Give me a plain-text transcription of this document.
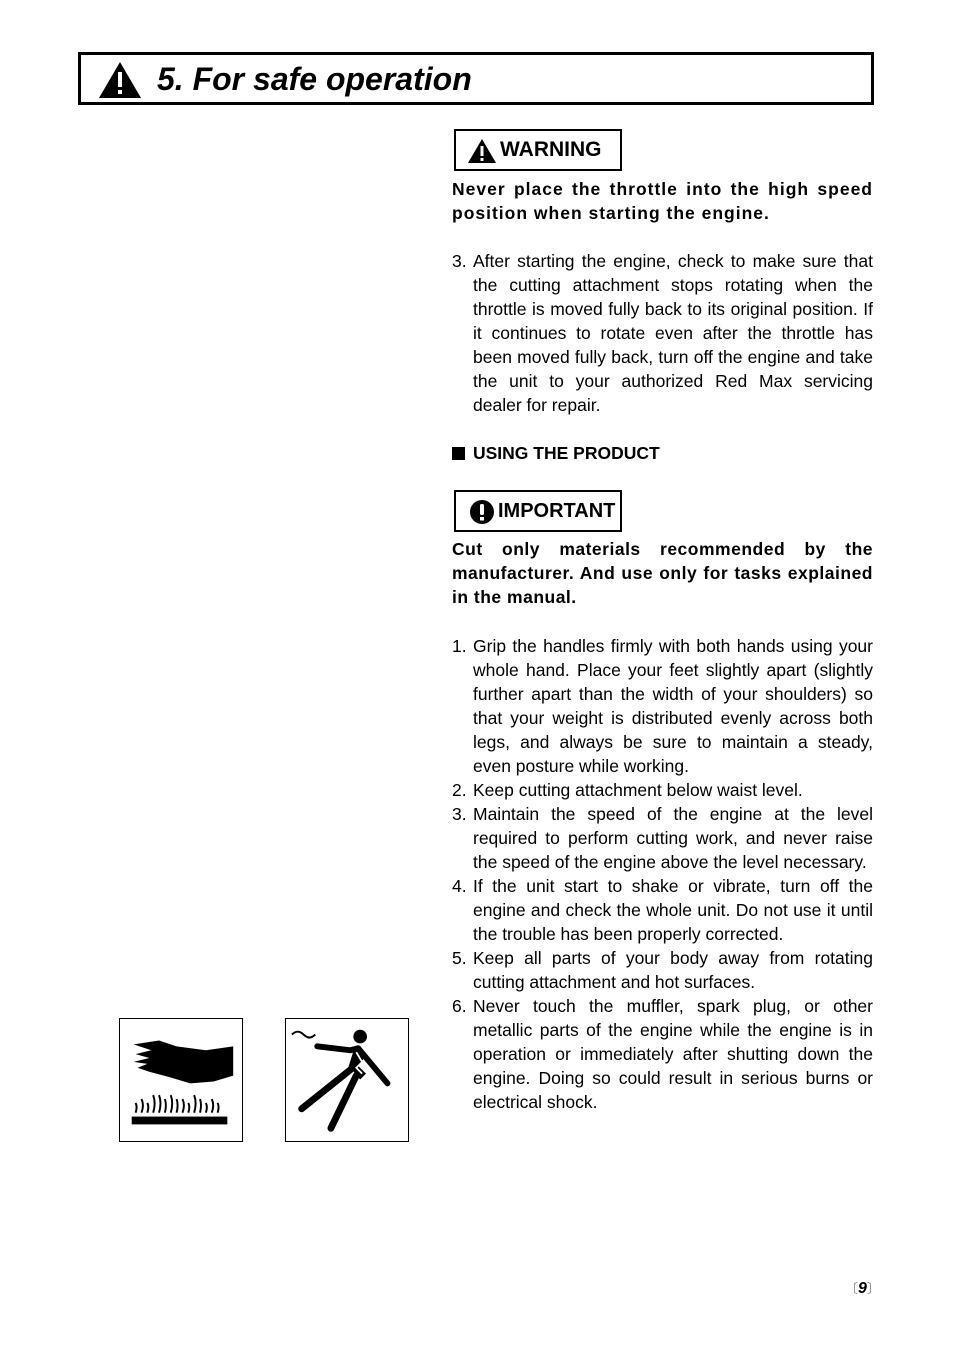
5. For safe operation
WARNING

Never place the throttle into the high speed position when starting the engine.

3. After starting the engine, check to make sure that the cutting attachment stops rotating when the throttle is moved fully back to its original position. If it continues to rotate even after the throttle has been moved fully back, turn off the engine and take the unit to your authorized Red Max servicing dealer for repair.
USING THE PRODUCT
IMPORTANT

Cut only materials recommended by the manufacturer. And use only for tasks explained in the manual.

1. Grip the handles firmly with both hands using your whole hand. Place your feet slightly apart (slightly further apart than the width of your shoulders) so that your weight is distributed evenly across both legs, and always be sure to maintain a steady, even posture while working.
2. Keep cutting attachment below waist level.
3. Maintain the speed of the engine at the level required to perform cutting work, and never raise the speed of the engine above the level necessary.
4. If the unit start to shake or vibrate, turn off the engine and check the whole unit. Do not use it until the trouble has been properly corrected.
5. Keep all parts of your body away from rotating cutting attachment and hot surfaces.
6. Never touch the muffler, spark plug, or other metallic parts of the engine while the engine is in operation or immediately after shutting down the engine. Doing so could result in serious burns or electrical shock.
〔9〕
